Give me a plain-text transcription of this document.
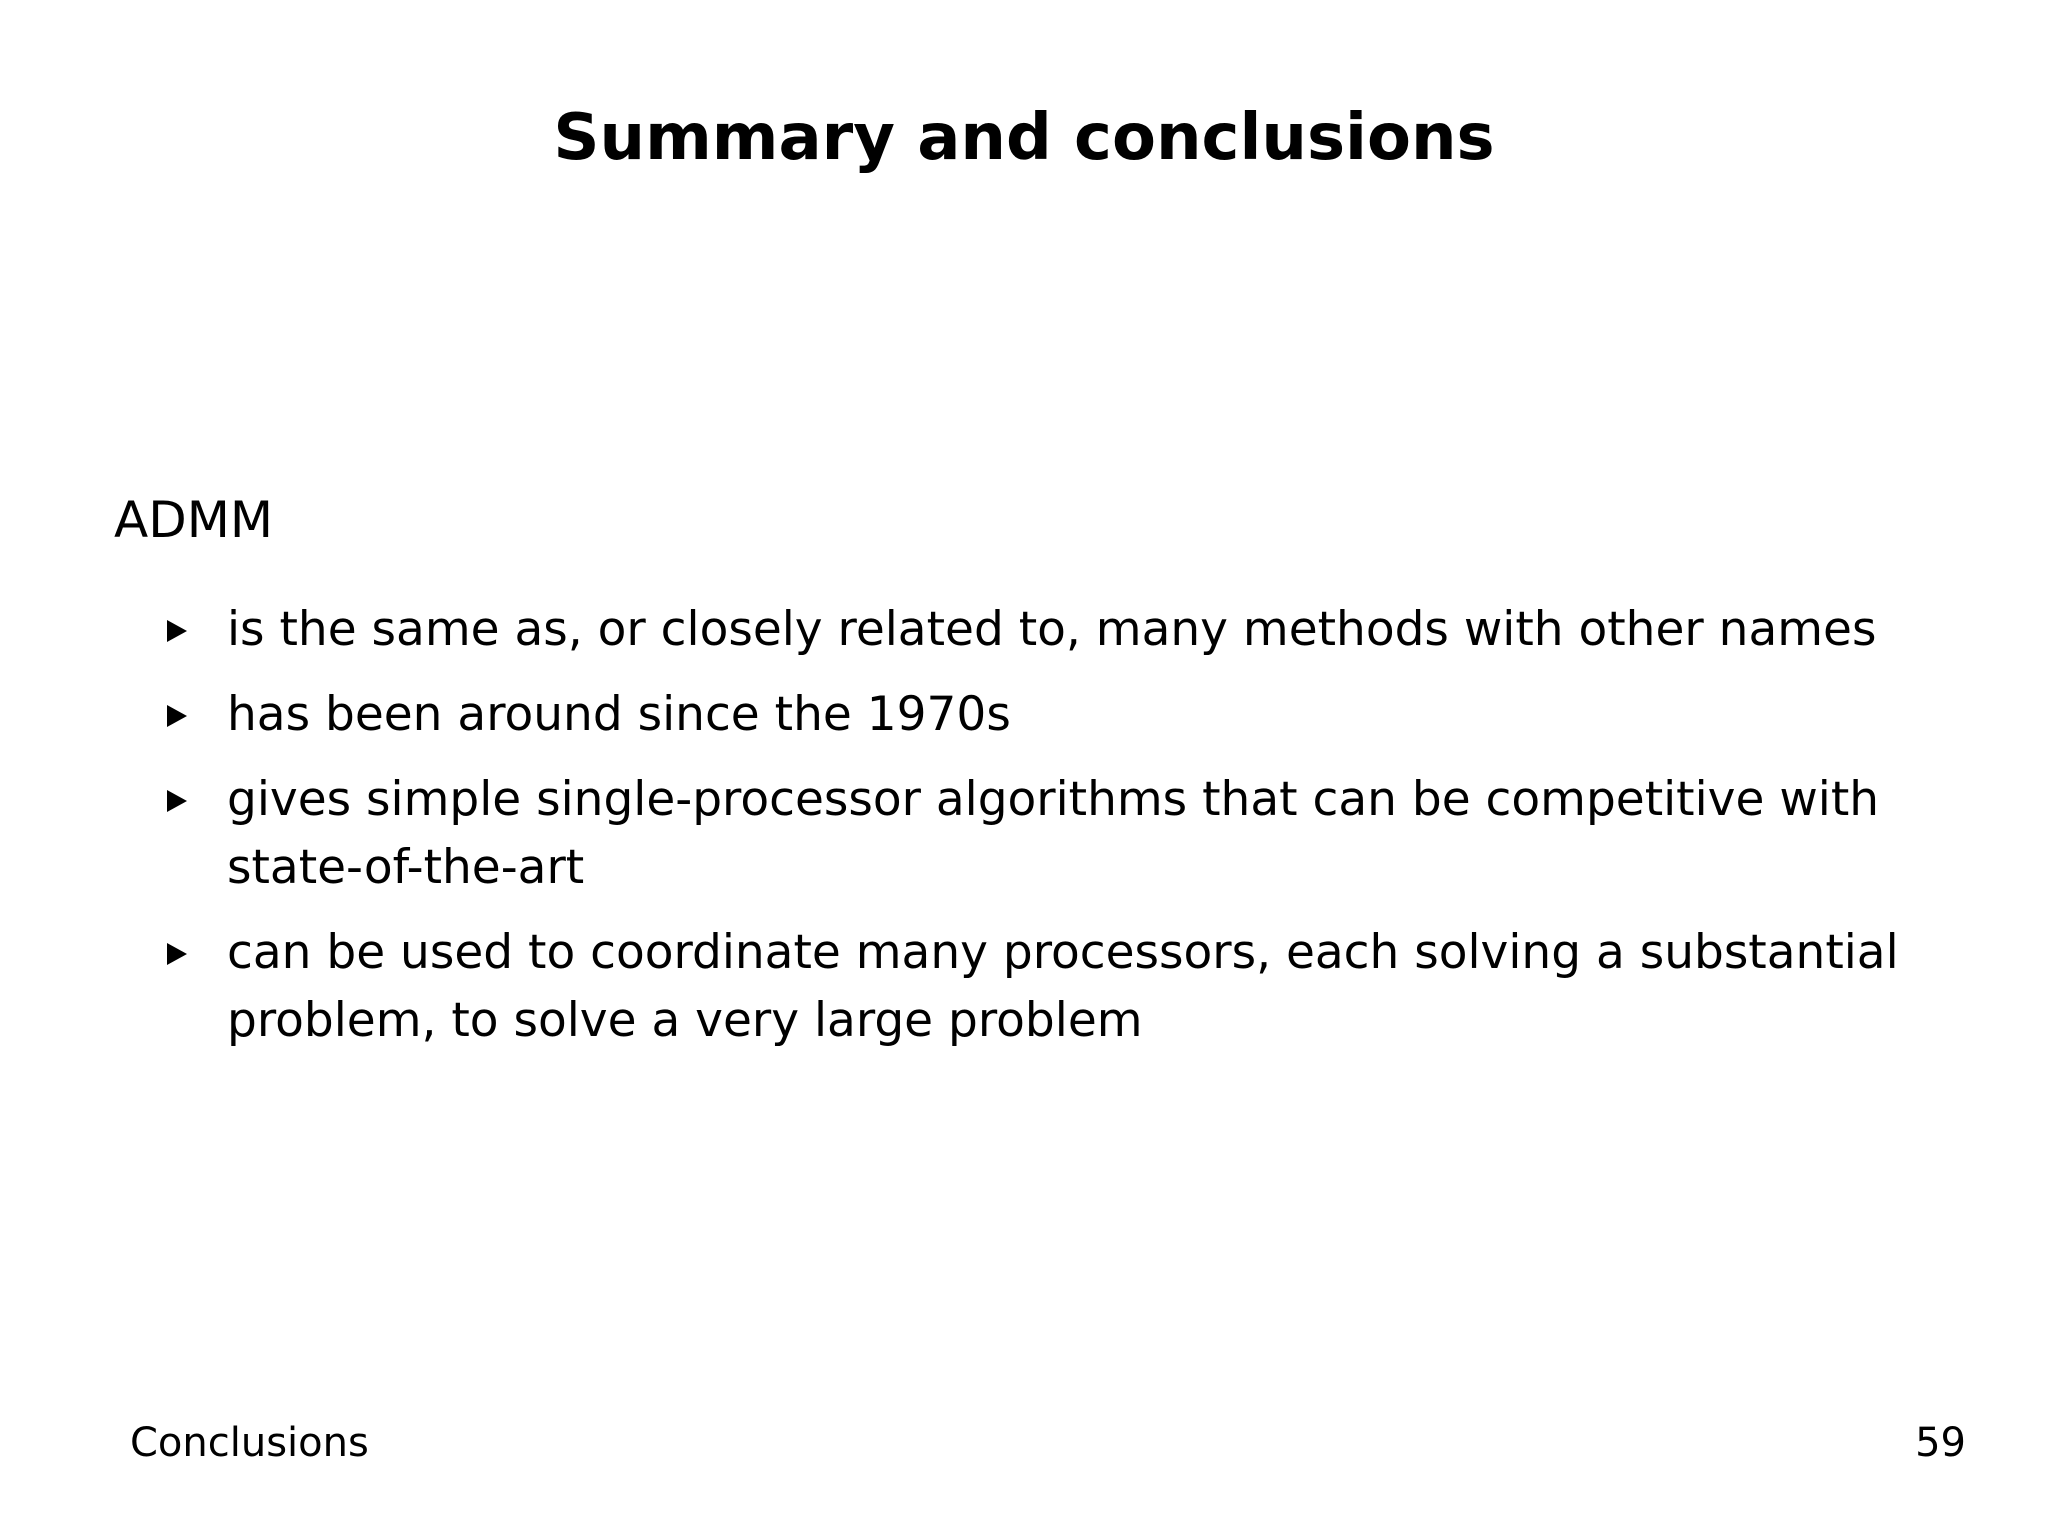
Summary and conclusions
ADMM
is the same as, or closely related to, many methods with other names
has been around since the 1970s
gives simple single-processor algorithms that can be competitive with state-of-the-art
can be used to coordinate many processors, each solving a substantial problem, to solve a very large problem
Conclusions	59
